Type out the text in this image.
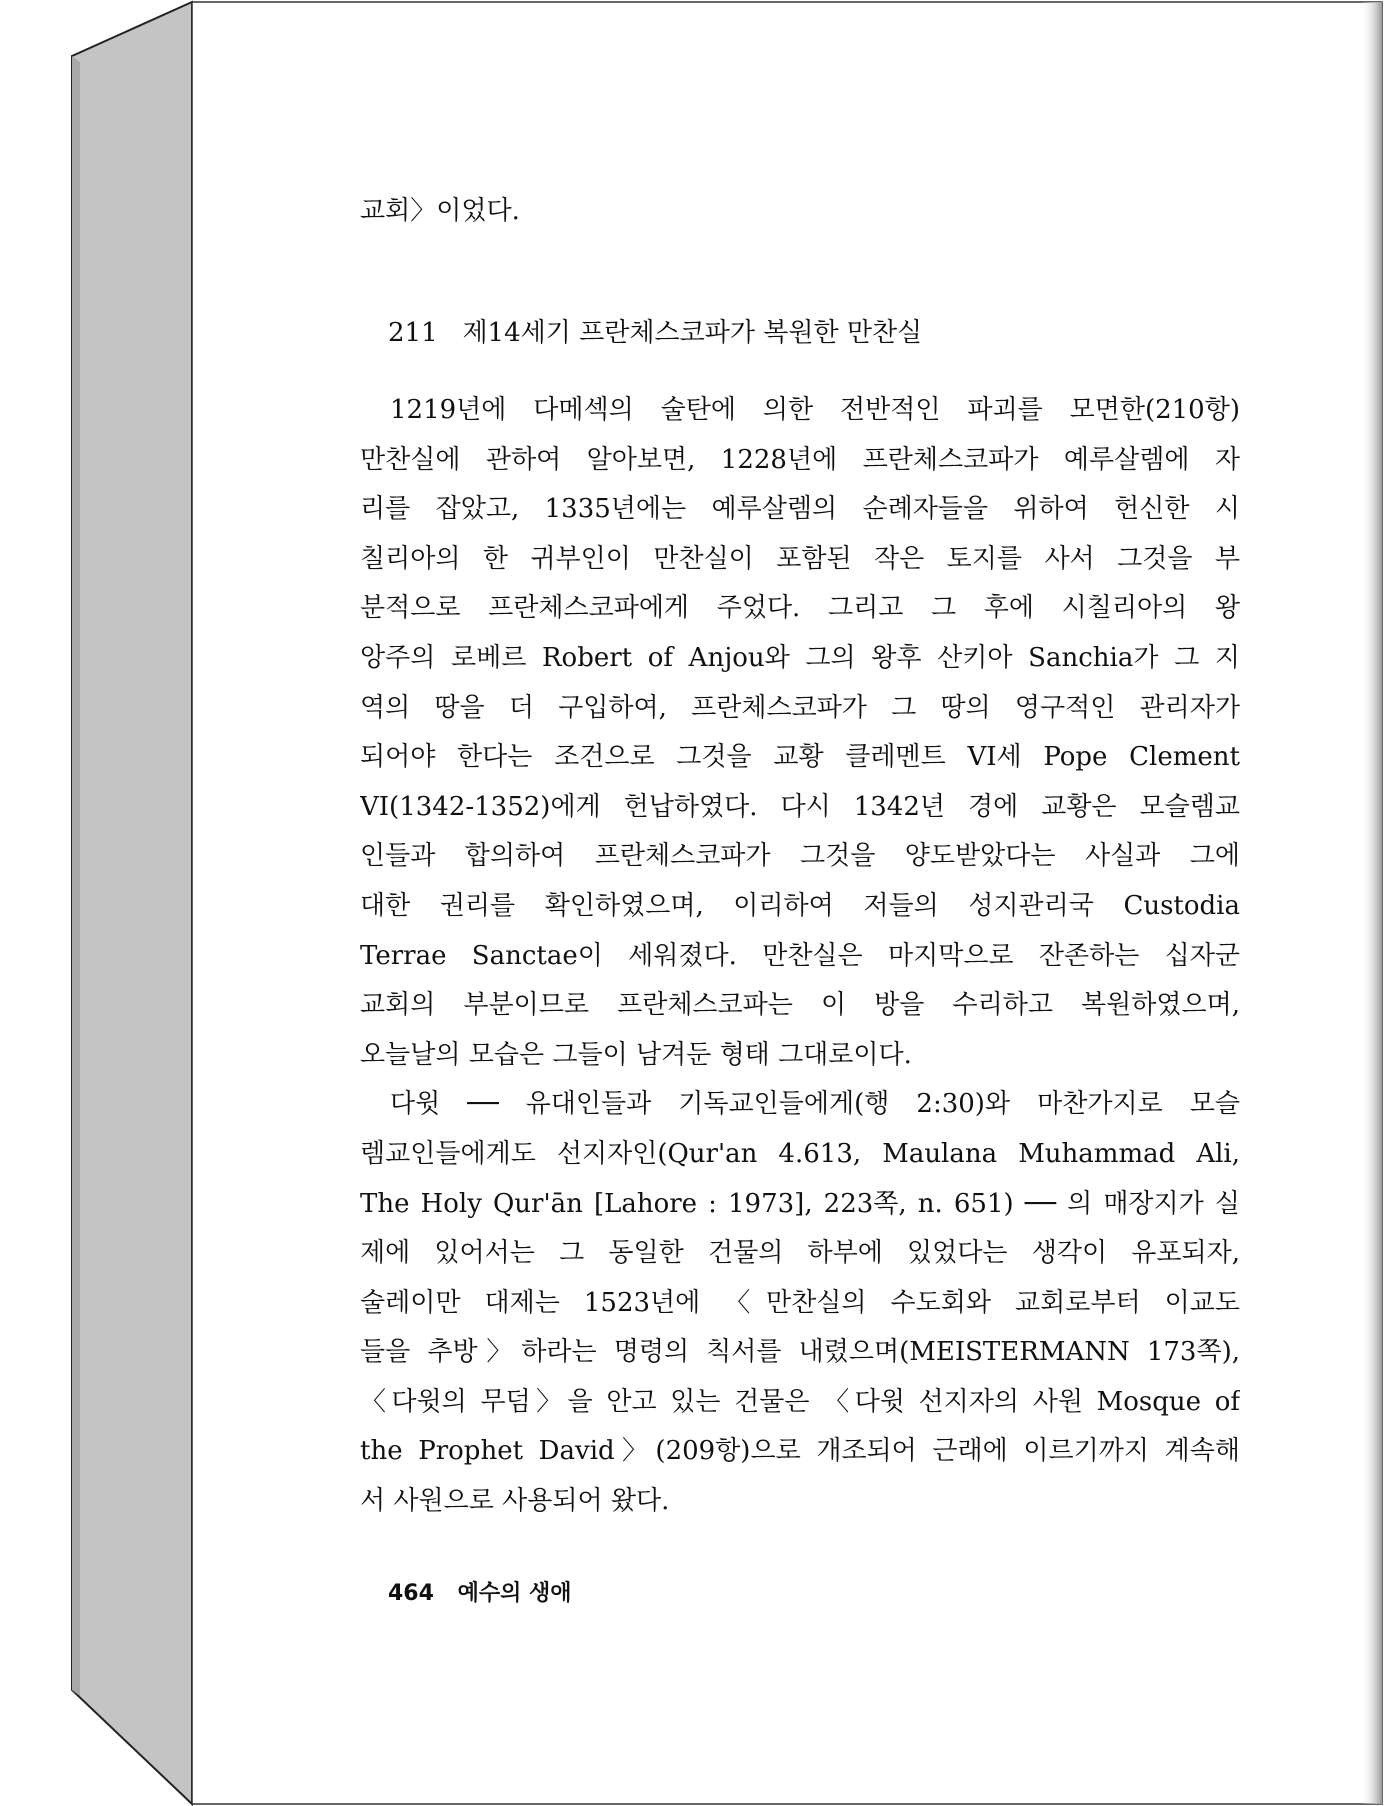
교회〉이었다.
211 제14세기 프란체스코파가 복원한 만찬실
1219년에 다메섹의 술탄에 의한 전반적인 파괴를 모면한(210항)
만찬실에 관하여 알아보면, 1228년에 프란체스코파가 예루살렘에 자
리를 잡았고, 1335년에는 예루살렘의 순례자들을 위하여 헌신한 시
칠리아의 한 귀부인이 만찬실이 포함된 작은 토지를 사서 그것을 부
분적으로 프란체스코파에게 주었다. 그리고 그 후에 시칠리아의 왕
앙주의 로베르 Robert of Anjou와 그의 왕후 산키아 Sanchia가 그 지
역의 땅을 더 구입하여, 프란체스코파가 그 땅의 영구적인 관리자가
되어야 한다는 조건으로 그것을 교황 클레멘트 VI세 Pope Clement
VI(1342-1352)에게 헌납하였다. 다시 1342년 경에 교황은 모슬렘교
인들과 합의하여 프란체스코파가 그것을 양도받았다는 사실과 그에
대한 권리를 확인하였으며, 이리하여 저들의 성지관리국 Custodia
Terrae Sanctae이 세워졌다. 만찬실은 마지막으로 잔존하는 십자군
교회의 부분이므로 프란체스코파는 이 방을 수리하고 복원하였으며,
오늘날의 모습은 그들이 남겨둔 형태 그대로이다.
다윗 ── 유대인들과 기독교인들에게(행 2:30)와 마찬가지로 모슬
렘교인들에게도 선지자인(Qur'an 4.613, Maulana Muhammad Ali,
The Holy Qur'ān [Lahore : 1973], 223쪽, n. 651) ── 의 매장지가 실
제에 있어서는 그 동일한 건물의 하부에 있었다는 생각이 유포되자,
술레이만 대제는 1523년에 〈만찬실의 수도회와 교회로부터 이교도
들을 추방〉하라는 명령의 칙서를 내렸으며(MEISTERMANN 173쪽),
〈다윗의 무덤〉을 안고 있는 건물은 〈다윗 선지자의 사원 Mosque of
the Prophet David〉(209항)으로 개조되어 근래에 이르기까지 계속해
서 사원으로 사용되어 왔다.
464 예수의 생애
